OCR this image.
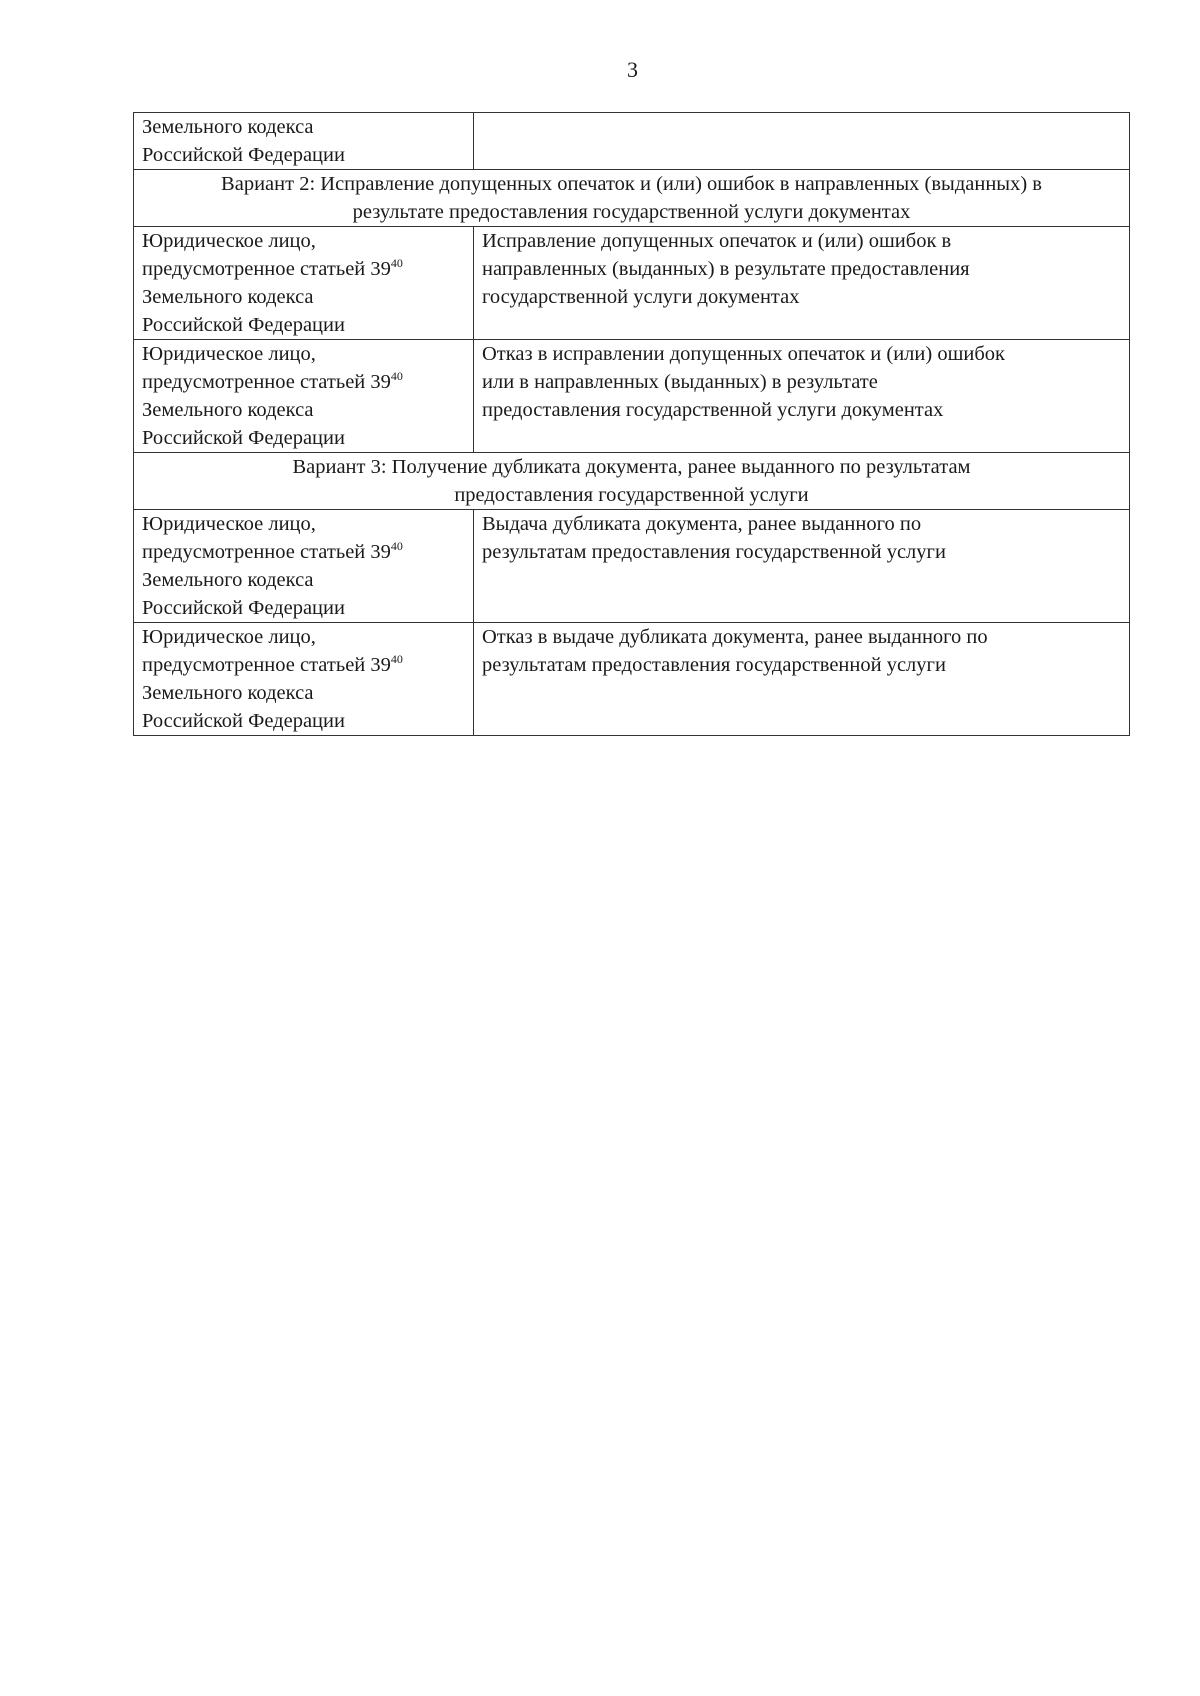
3
Земельного кодекса
Российской Федерации	

Вариант 2: Исправление допущенных опечаток и (или) ошибок в направленных (выданных) в
результате предоставления государственной услуги документах	

Юридическое лицо,
предусмотренное статьей $39^{40}$
Земельного кодекса
Российской Федерации	Исправление допущенных опечаток и (или) ошибок в
направленных (выданных) в результате предоставления
государственной услуги документах

Юридическое лицо,
предусмотренное статьей $39^{40}$
Земельного кодекса
Российской Федерации	Отказ в исправлении допущенных опечаток и (или) ошибок
или в направленных (выданных) в результате
предоставления государственной услуги документах

Вариант 3: Получение дубликата документа, ранее выданного по результатам
предоставления государственной услуги	

Юридическое лицо,
предусмотренное статьей $39^{40}$
Земельного кодекса
Российской Федерации	Выдача дубликата документа, ранее выданного по
результатам предоставления государственной услуги

Юридическое лицо,
предусмотренное статьей $39^{40}$
Земельного кодекса
Российской Федерации	Отказ в выдаче дубликата документа, ранее выданного по
результатам предоставления государственной услуги
